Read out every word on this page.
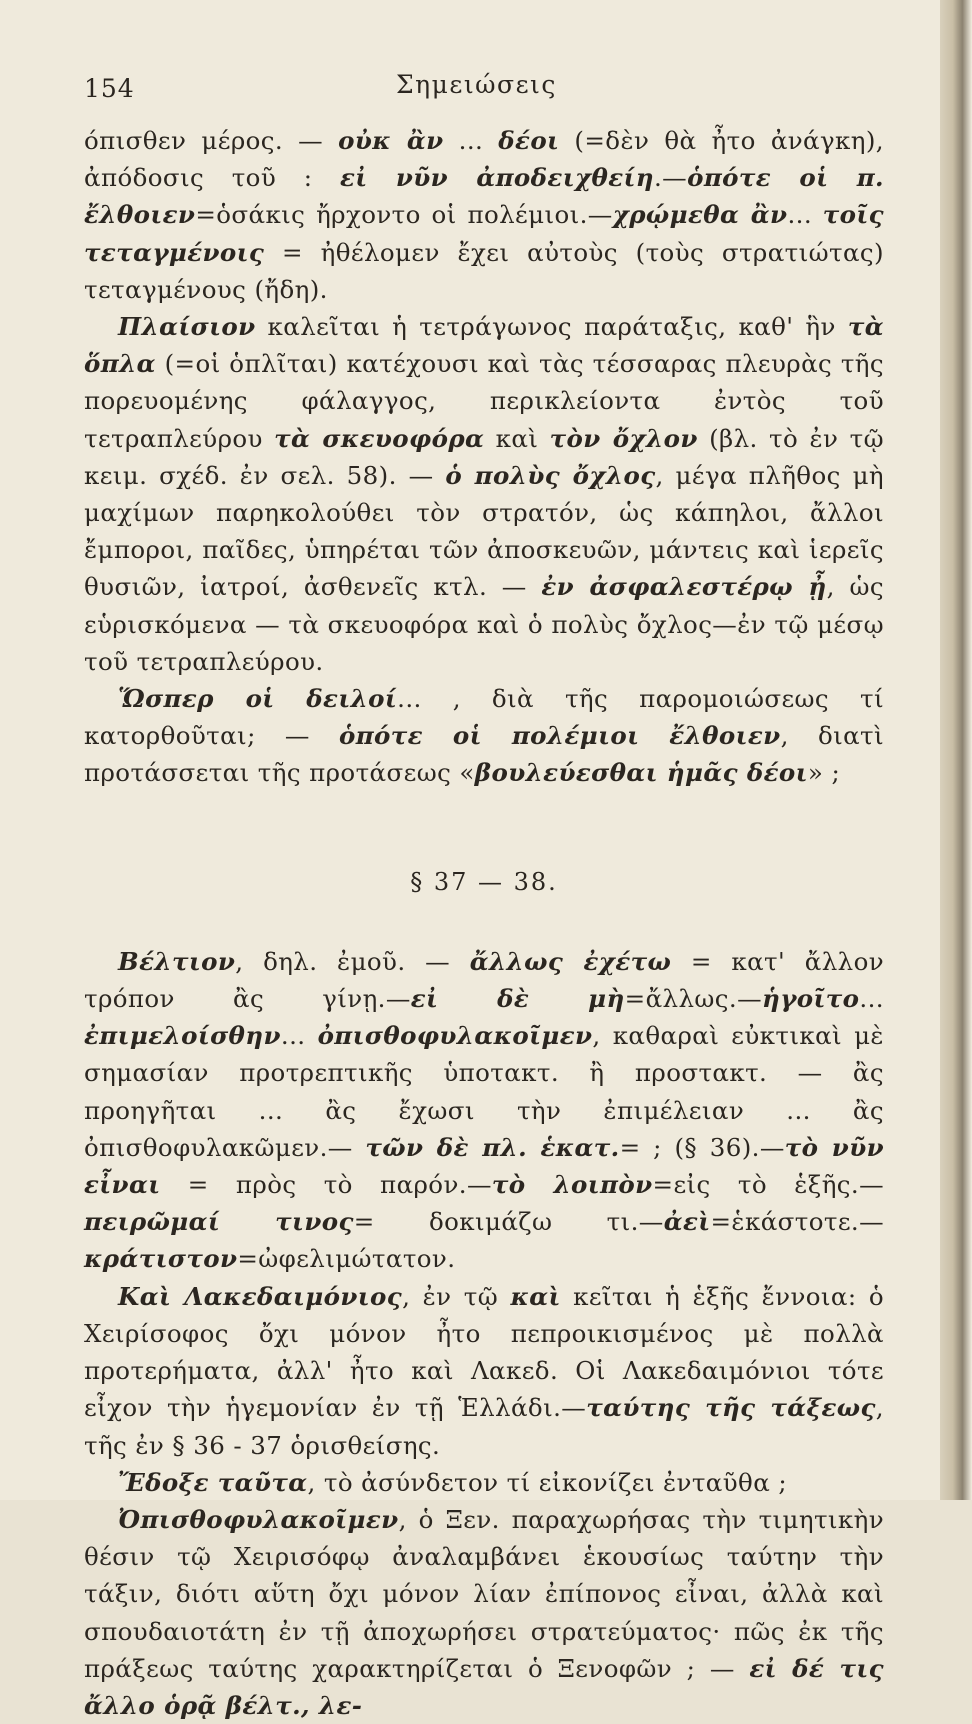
154	Σημειώσεις

όπισθεν μέρος. — οὐκ ἂν ... δέοι (=δὲν θὰ ἦτο ἀνάγκη), ἀπόδοσις τοῦ : εἰ νῦν ἀποδειχθείη.—ὁπότε οἱ π. ἔλθοιεν=ὁσάκις ἤρχοντο οἱ πολέμιοι.—χρῴμεθα ἂν... τοῖς τεταγμένοις = ἠθέλομεν ἔχει αὐτοὺς (τοὺς στρατιώτας) τεταγμένους (ἤδη).

Πλαίσιον καλεῖται ἡ τετράγωνος παράταξις, καθ' ἣν τὰ ὅπλα (=οἱ ὁπλῖται) κατέχουσι καὶ τὰς τέσσαρας πλευρὰς τῆς πορευομένης φάλαγγος, περικλείοντα ἐντὸς τοῦ τετραπλεύρου τὰ σκευοφόρα καὶ τὸν ὄχλον (βλ. τὸ ἐν τῷ κειμ. σχέδ. ἐν σελ. 58). — ὁ πολὺς ὄχλος, μέγα πλῆθος μὴ μαχίμων παρηκολούθει τὸν στρατόν, ὡς κάπηλοι, ἄλλοι ἔμποροι, παῖδες, ὑπηρέται τῶν ἀποσκευῶν, μάντεις καὶ ἱερεῖς θυσιῶν, ἰατροί, ἀσθενεῖς κτλ. — ἐν ἀσφαλεστέρῳ ᾖ, ὡς εὑρισκόμενα — τὰ σκευοφόρα καὶ ὁ πολὺς ὄχλος—ἐν τῷ μέσῳ τοῦ τετραπλεύρου.

Ὥσπερ οἱ δειλοί... , διὰ τῆς παρομοιώσεως τί κατορθοῦται; — ὁπότε οἱ πολέμιοι ἔλθοιεν, διατὶ προτάσσεται τῆς προτάσεως «βουλεύεσθαι ἡμᾶς δέοι» ;

§ 37 — 38.

Βέλτιον, δηλ. ἐμοῦ. — ἄλλως ἐχέτω = κατ' ἄλλον τρόπον ἂς γίνῃ.—εἰ δὲ μὴ=ἄλλως.—ἡγοῖτο... ἐπιμελοίσθην... ὀπισθοφυλακοῖμεν, καθαραὶ εὐκτικαὶ μὲ σημασίαν προτρεπτικῆς ὑποτακτ. ἢ προστακτ. — ἂς προηγῆται ... ἂς ἔχωσι τὴν ἐπιμέλειαν ... ἂς ὀπισθοφυλακῶμεν.— τῶν δὲ πλ. ἑκατ.= ; (§ 36).—τὸ νῦν εἶναι = πρὸς τὸ παρόν.—τὸ λοιπὸν=εἰς τὸ ἑξῆς.—πειρῶμαί τινος= δοκιμάζω τι.—ἀεὶ=ἑκάστοτε.—κράτιστον=ὠφελιμώτατον.

Καὶ Λακεδαιμόνιος, ἐν τῷ καὶ κεῖται ἡ ἑξῆς ἔννοια: ὁ Χειρίσοφος ὄχι μόνον ἦτο πεπροικισμένος μὲ πολλὰ προτερήματα, ἀλλ' ἦτο καὶ Λακεδ. Οἱ Λακεδαιμόνιοι τότε εἶχον τὴν ἡγεμονίαν ἐν τῇ Ἑλλάδι.—ταύτης τῆς τάξεως, τῆς ἐν § 36 - 37 ὁρισθείσης.

Ἔδοξε ταῦτα, τὸ ἀσύνδετον τί εἰκονίζει ἐνταῦθα ;

Ὀπισθοφυλακοῖμεν, ὁ Ξεν. παραχωρήσας τὴν τιμητικὴν θέσιν τῷ Χειρισόφῳ ἀναλαμβάνει ἑκουσίως ταύτην τὴν τάξιν, διότι αὕτη ὄχι μόνον λίαν ἐπίπονος εἶναι, ἀλλὰ καὶ σπουδαιοτάτη ἐν τῇ ἀποχωρήσει στρατεύματος· πῶς ἐκ τῆς πράξεως ταύτης χαρακτηρίζεται ὁ Ξενοφῶν ; — εἰ δέ τις ἄλλο ὁρᾷ βέλτ., λε-
